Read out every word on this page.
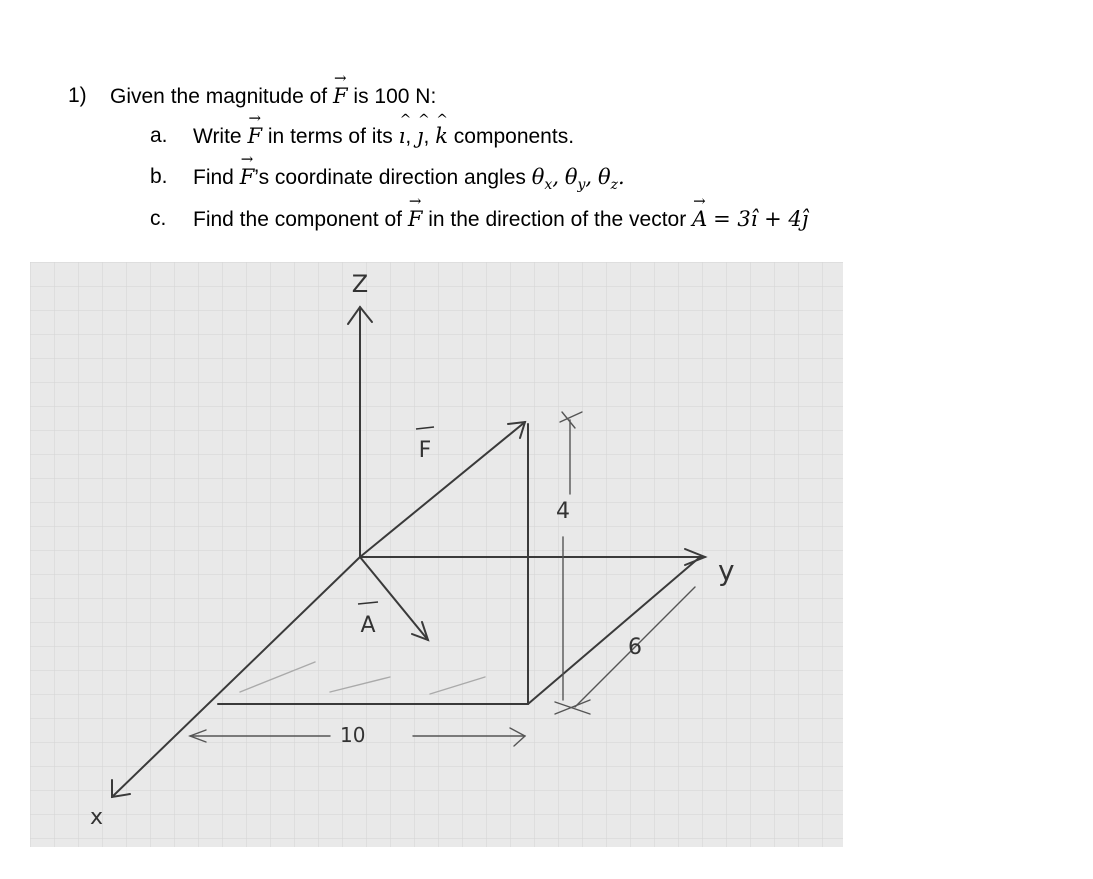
1) Given the magnitude of → F is 100 N:
a. Write → F in terms of its ^ ı, ^ ȷ, ^ k components.
b. Find → F’s coordinate direction angles $\theta_x$, $\theta_y$, $\theta_z$.
c. Find the component of → F in the direction of the vector → A = 3ı̂ + 4ȷ̂
Z
y
x
F
A
4
6
10
